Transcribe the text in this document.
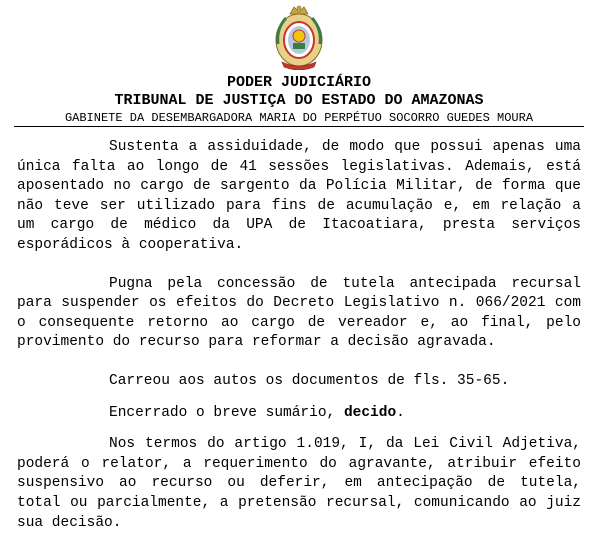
PODER JUDICIÁRIO
TRIBUNAL DE JUSTIÇA DO ESTADO DO AMAZONAS
GABINETE DA DESEMBARGADORA MARIA DO PERPÉTUO SOCORRO GUEDES MOURA

Sustenta a assiduidade, de modo que possui apenas uma única falta ao longo de 41 sessões legislativas. Ademais, está aposentado no cargo de sargento da Polícia Militar, de forma que não teve ser utilizado para fins de acumulação e, em relação a um cargo de médico da UPA de Itacoatiara, presta serviços esporádicos à cooperativa.

Pugna pela concessão de tutela antecipada recursal para suspender os efeitos do Decreto Legislativo n. 066/2021 com o consequente retorno ao cargo de vereador e, ao final, pelo provimento do recurso para reformar a decisão agravada.

Carreou aos autos os documentos de fls. 35-65.

Encerrado o breve sumário, decido.

Nos termos do artigo 1.019, I, da Lei Civil Adjetiva, poderá o relator, a requerimento do agravante, atribuir efeito suspensivo ao recurso ou deferir, em antecipação de tutela, total ou parcialmente, a pretensão recursal, comunicando ao juiz sua decisão.
